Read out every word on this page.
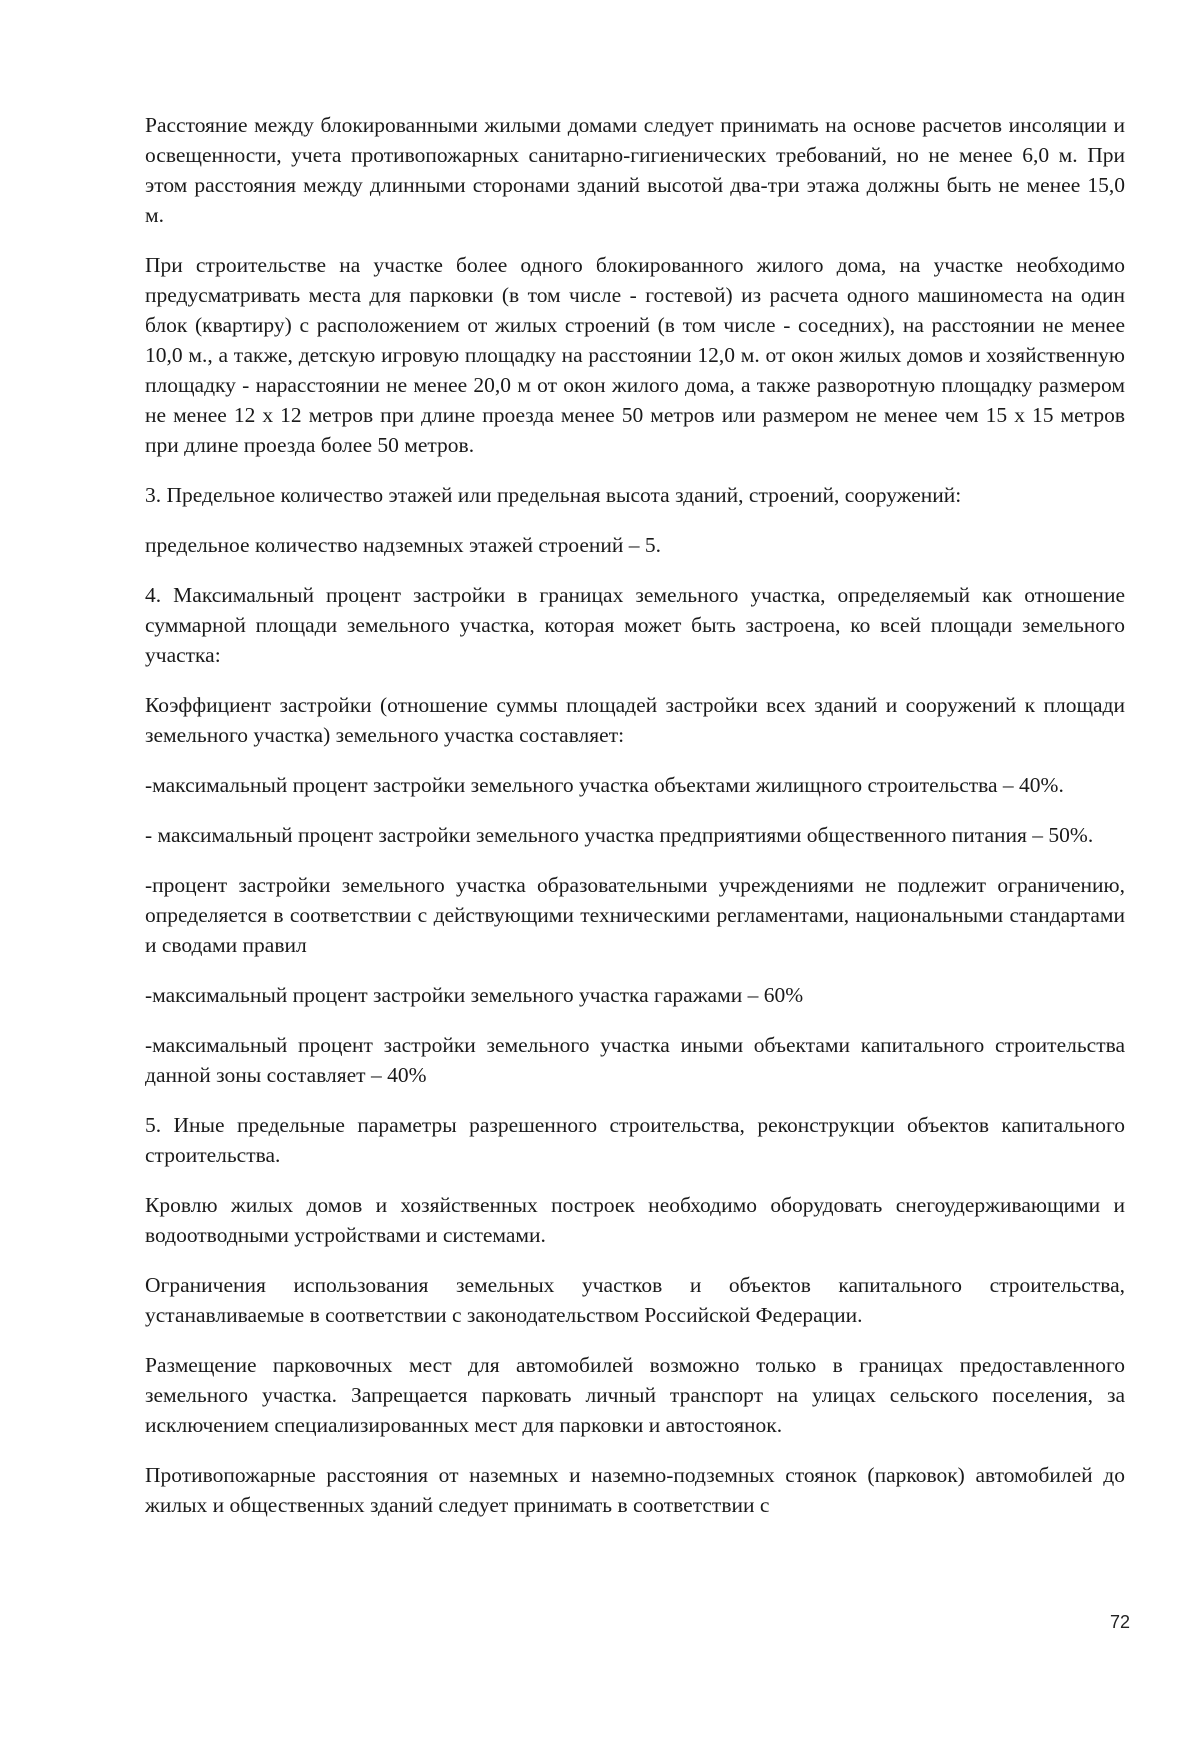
Расстояние между блокированными жилыми домами следует принимать на основе расчетов инсоляции и освещенности, учета противопожарных санитарно-гигиенических требований, но не менее 6,0 м. При этом расстояния между длинными сторонами зданий высотой два-три этажа должны быть не менее 15,0 м.

При строительстве на участке более одного блокированного жилого дома, на участке необходимо предусматривать места для парковки (в том числе - гостевой) из расчета одного машиноместа на один блок (квартиру) с расположением от жилых строений (в том числе - соседних), на расстоянии не менее 10,0 м., а также, детскую игровую площадку на расстоянии 12,0 м. от окон жилых домов и хозяйственную площадку - нарасстоянии не менее 20,0 м от окон жилого дома, а также разворотную площадку размером не менее 12 х 12 метров при длине проезда менее 50 метров или размером не менее чем 15 х 15 метров при длине проезда более 50 метров.

3. Предельное количество этажей или предельная высота зданий, строений, сооружений:

предельное количество надземных этажей строений – 5.

4. Максимальный процент застройки в границах земельного участка, определяемый как отношение суммарной площади земельного участка, которая может быть застроена, ко всей площади земельного участка:

Коэффициент застройки (отношение суммы площадей застройки всех зданий и сооружений к площади земельного участка) земельного участка составляет:

-максимальный процент застройки земельного участка объектами жилищного строительства – 40%.

- максимальный процент застройки земельного участка предприятиями общественного питания – 50%.

-процент застройки земельного участка образовательными учреждениями не подлежит ограничению, определяется в соответствии с действующими техническими регламентами, национальными стандартами и сводами правил

-максимальный процент застройки земельного участка гаражами – 60%

-максимальный процент застройки земельного участка иными объектами капитального строительства данной зоны составляет – 40%

5. Иные предельные параметры разрешенного строительства, реконструкции объектов капитального строительства.

Кровлю жилых домов и хозяйственных построек необходимо оборудовать снегоудерживающими и водоотводными устройствами и системами.

Ограничения использования земельных участков и объектов капитального строительства, устанавливаемые в соответствии с законодательством Российской Федерации.

Размещение парковочных мест для автомобилей возможно только в границах предоставленного земельного участка. Запрещается парковать личный транспорт на улицах сельского поселения, за исключением специализированных мест для парковки и автостоянок.

Противопожарные расстояния от наземных и наземно-подземных стоянок (парковок) автомобилей до жилых и общественных зданий следует принимать в соответствии с

72
